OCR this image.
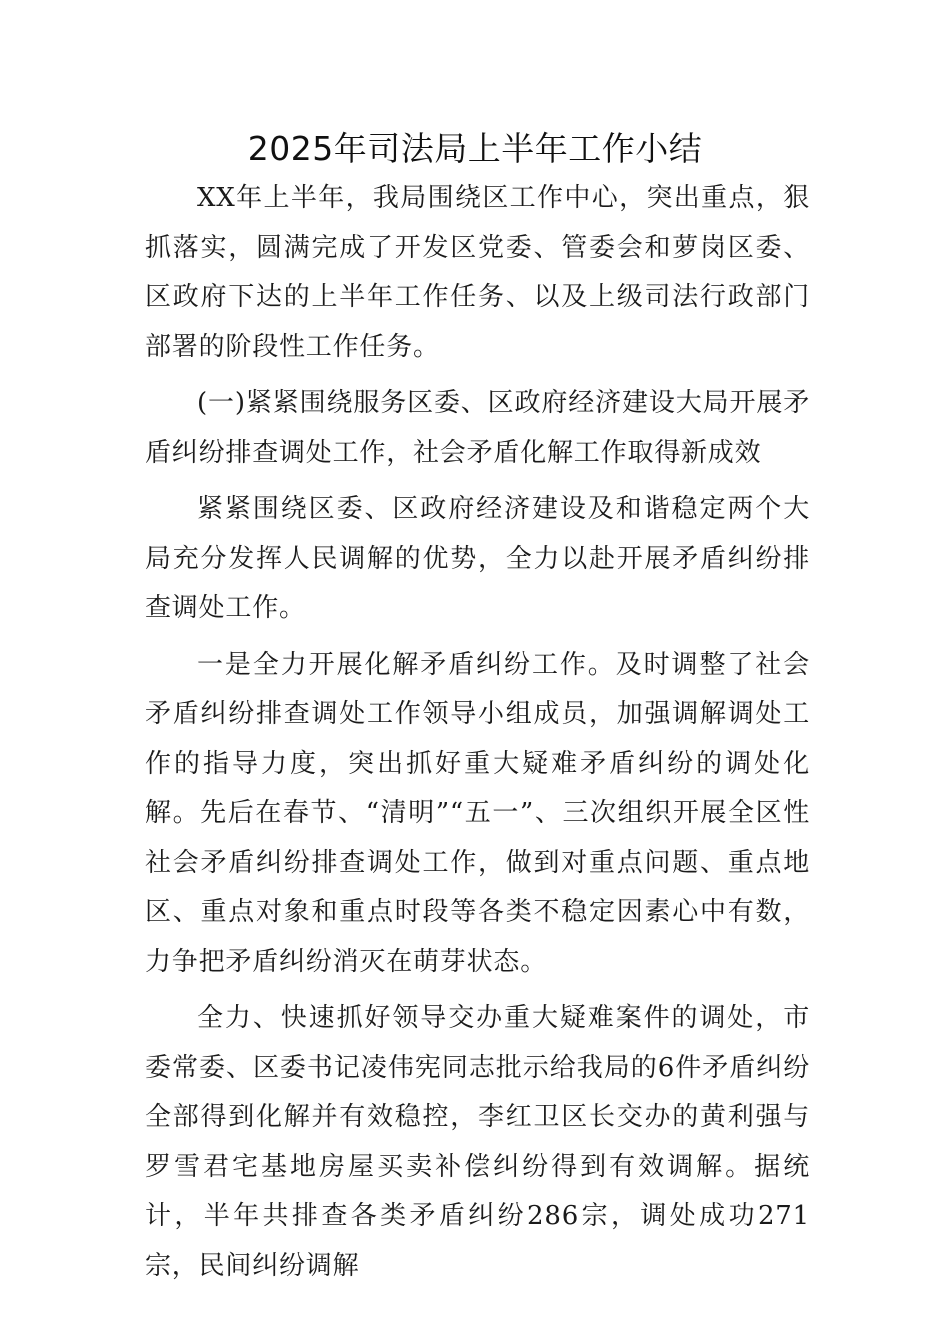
2025年司法局上半年工作小结

XX年上半年，我局围绕区工作中心，突出重点，狠抓落实，圆满完成了开发区党委、管委会和萝岗区委、区政府下达的上半年工作任务、以及上级司法行政部门部署的阶段性工作任务。

(一)紧紧围绕服务区委、区政府经济建设大局开展矛盾纠纷排查调处工作，社会矛盾化解工作取得新成效

紧紧围绕区委、区政府经济建设及和谐稳定两个大局充分发挥人民调解的优势，全力以赴开展矛盾纠纷排查调处工作。

一是全力开展化解矛盾纠纷工作。及时调整了社会矛盾纠纷排查调处工作领导小组成员，加强调解调处工作的指导力度，突出抓好重大疑难矛盾纠纷的调处化解。先后在春节、“清明”“五一”、三次组织开展全区性社会矛盾纠纷排查调处工作，做到对重点问题、重点地区、重点对象和重点时段等各类不稳定因素心中有数，力争把矛盾纠纷消灭在萌芽状态。

全力、快速抓好领导交办重大疑难案件的调处，市委常委、区委书记凌伟宪同志批示给我局的6件矛盾纠纷全部得到化解并有效稳控，李红卫区长交办的黄利强与罗雪君宅基地房屋买卖补偿纠纷得到有效调解。据统计，半年共排查各类矛盾纠纷286宗，调处成功271宗，民间纠纷调解
